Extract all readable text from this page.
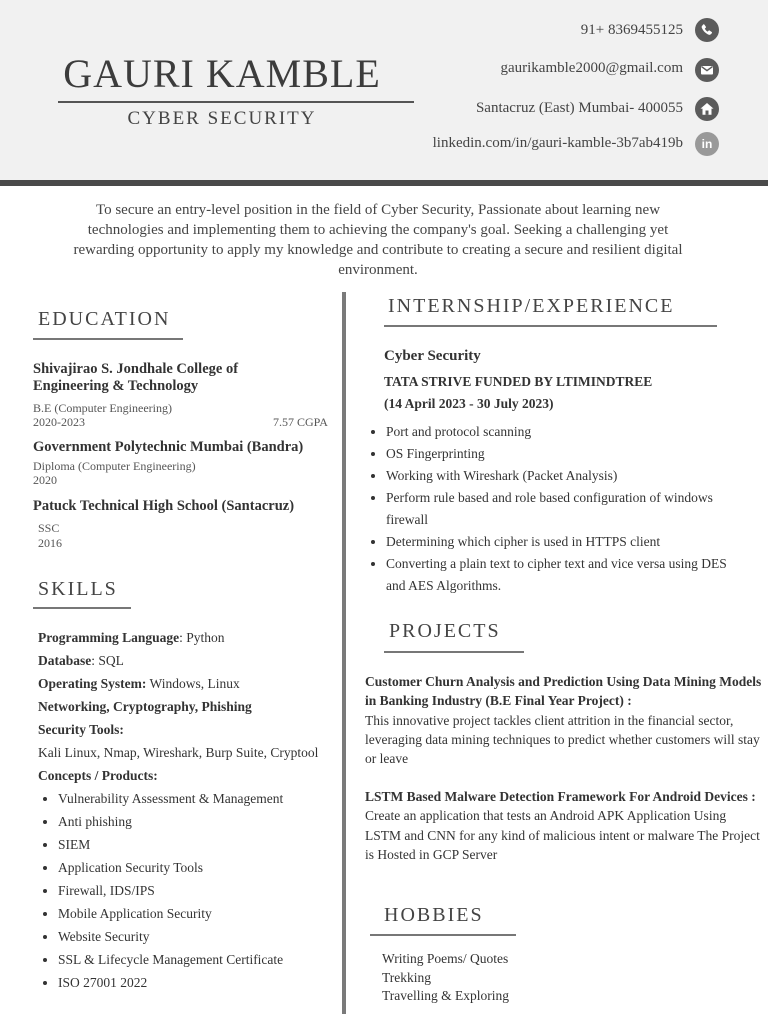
GAURI KAMBLE
CYBER SECURITY
91+ 8369455125
gaurikamble2000@gmail.com
Santacruz (East) Mumbai- 400055
linkedin.com/in/gauri-kamble-3b7ab419b	in
To secure an entry-level position in the field of Cyber Security, Passionate about learning new technologies and implementing them to achieving the company's goal. Seeking a challenging yet rewarding opportunity to apply my knowledge and contribute to creating a secure and resilient digital environment.
EDUCATION
Shivajirao S. Jondhale College of Engineering & Technology
B.E (Computer Engineering)
2020-2023	7.57 CGPA
Government Polytechnic Mumbai (Bandra)
Diploma (Computer Engineering)
2020
Patuck Technical High School (Santacruz)
SSC
2016
SKILLS
Programming Language: Python
Database: SQL
Operating System: Windows, Linux
Networking, Cryptography, Phishing
Security Tools:
Kali Linux, Nmap, Wireshark, Burp Suite, Cryptool
Concepts / Products:
• Vulnerability Assessment & Management
• Anti phishing
• SIEM
• Application Security Tools
• Firewall, IDS/IPS
• Mobile Application Security
• Website Security
• SSL & Lifecycle Management Certificate
• ISO 27001 2022
INTERNSHIP/EXPERIENCE
Cyber Security
TATA STRIVE FUNDED BY LTIMINDTREE
(14 April 2023 - 30 July 2023)
• Port and protocol scanning
• OS Fingerprinting
• Working with Wireshark (Packet Analysis)
• Perform rule based and role based configuration of windows firewall
• Determining which cipher is used in HTTPS client
• Converting a plain text to cipher text and vice versa using DES and AES Algorithms.
PROJECTS
Customer Churn Analysis and Prediction Using Data Mining Models in Banking Industry (B.E Final Year Project) :
This innovative project tackles client attrition in the financial sector, leveraging data mining techniques to predict whether customers will stay or leave
LSTM Based Malware Detection Framework For Android Devices :
Create an application that tests an Android APK Application Using LSTM and CNN for any kind of malicious intent or malware The Project is Hosted in GCP Server
HOBBIES
Writing Poems/ Quotes
Trekking
Travelling & Exploring
